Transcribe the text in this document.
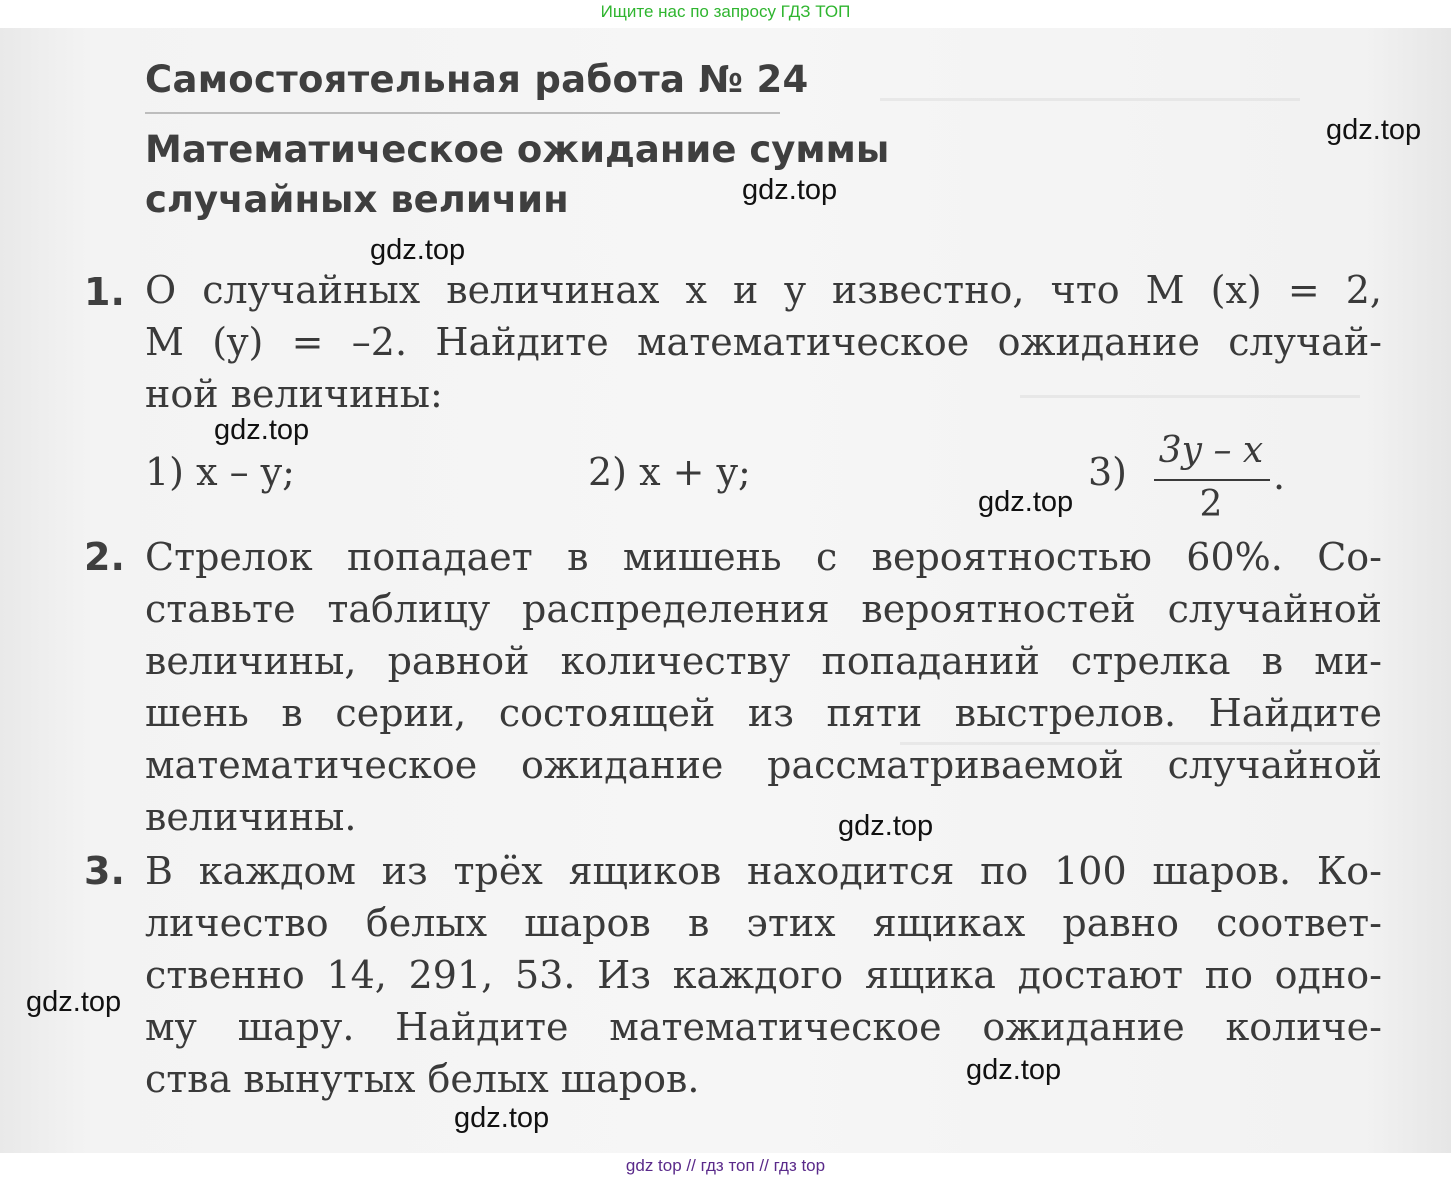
Ищите нас по запросу ГДЗ ТОП
Самостоятельная работа № 24
Математическое ожидание суммы
случайных величин
1. О случайных величинах x и y известно, что M (x) = 2,
M (y) = –2. Найдите математическое ожидание случай-
ной величины:
1) x – y;	2) x + y;	3) 3y – x
2
.
2. Стрелок попадает в мишень с вероятностью 60%. Со-
ставьте таблицу распределения вероятностей случайной
величины, равной количеству попаданий стрелка в ми-
шень в серии, состоящей из пяти выстрелов. Найдите
математическое ожидание рассматриваемой случайной
величины.
3. В каждом из трёх ящиков находится по 100 шаров. Ко-
личество белых шаров в этих ящиках равно соответ-
ственно 14, 291, 53. Из каждого ящика достают по одно-
му шару. Найдите математическое ожидание количе-
ства вынутых белых шаров.
gdz.top
gdz.top
gdz.top
gdz.top
gdz.top
gdz.top
gdz.top
gdz.top
gdz.top
gdz top // гдз топ // гдз top
